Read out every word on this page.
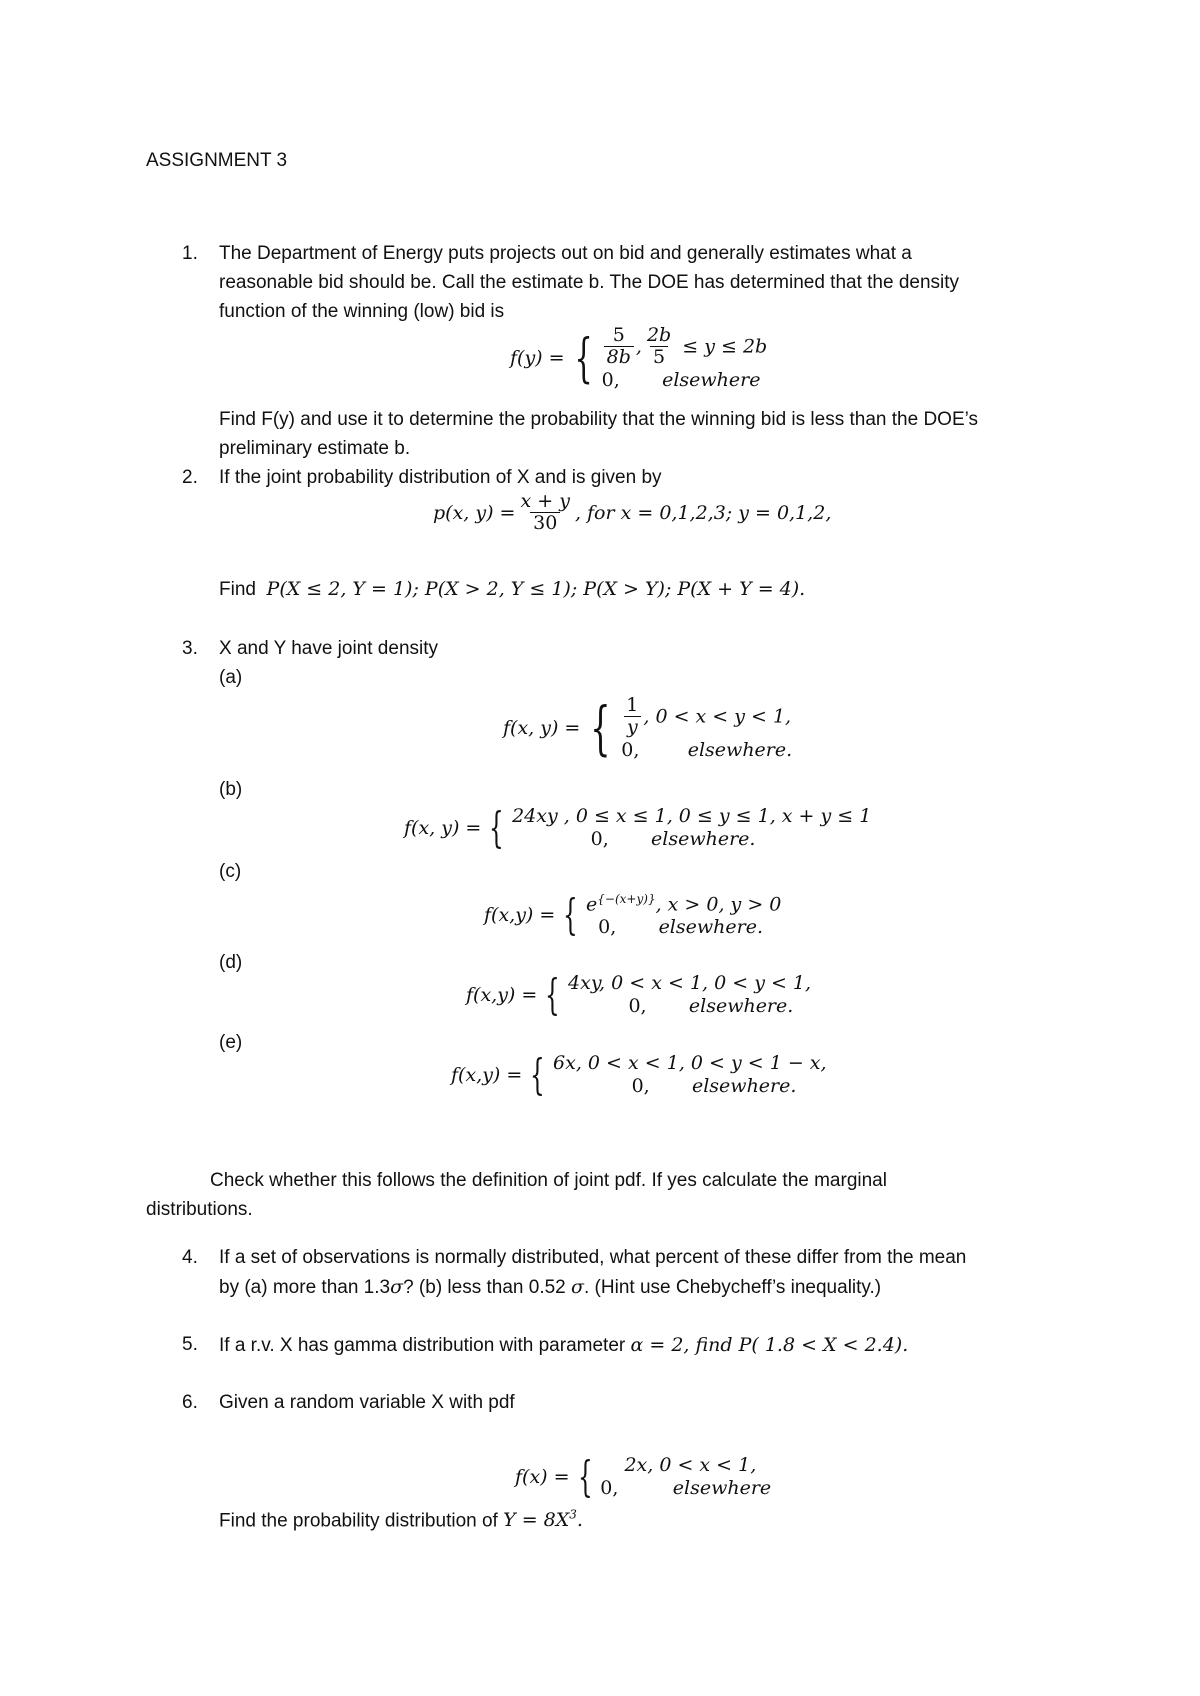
ASSIGNMENT 3
1. The Department of Energy puts projects out on bid and generally estimates what a
reasonable bid should be. Call the estimate b. The DOE has determined that the density
function of the winning (low) bid is
f(y) = { $\frac{5}{8b}$ , $\frac{2b}{5} \le y \le 2b$
0, elsewhere
Find F(y) and use it to determine the probability that the winning bid is less than the DOE’s
preliminary estimate b.
2. If the joint probability distribution of X and is given by
p(x, $y) = \frac{x + y}{30}$ , for x = 0,1,2,3; y = 0,1,2,
Find P(X ≤ 2, Y = 1); P(X > 2, Y ≤ 1); P(X > Y); P(X + Y = 4).
3. X and Y have joint density
(a)
f(x, y) = { $\frac{1}{y}$ , 0 < x < y < 1,
0,	elsewhere.
(b)
f(x, y) = { 24xy , 0 ≤ x ≤ 1, 0 ≤ y ≤ 1, x + y ≤ 1
0, elsewhere.
(c)
f(x,y) = { $e^{\{-(x+y)\}}$, x > 0, y > 0
0, elsewhere.
(d)
f(x,y) = { 4xy, 0 < x < 1, 0 < y < 1,
0, elsewhere.
(e)
f(x,y) = { 6x, 0 < x < 1, 0 < y < 1 − x,
0, elsewhere.
Check whether this follows the definition of joint pdf. If yes calculate the marginal
distributions.
4. If a set of observations is normally distributed, what percent of these differ from the mean
by (a) more than 1.3σ? (b) less than 0.52 σ. (Hint use Chebycheff’s inequality.)
5. If a r.v. X has gamma distribution with parameter α = 2, find P( 1.8 < X < 2.4).
6. Given a random variable X with pdf
f(x) = {	2x, 0 < x < 1,
0,	elsewhere
Find the probability distribution of $Y = 8X^3$.
